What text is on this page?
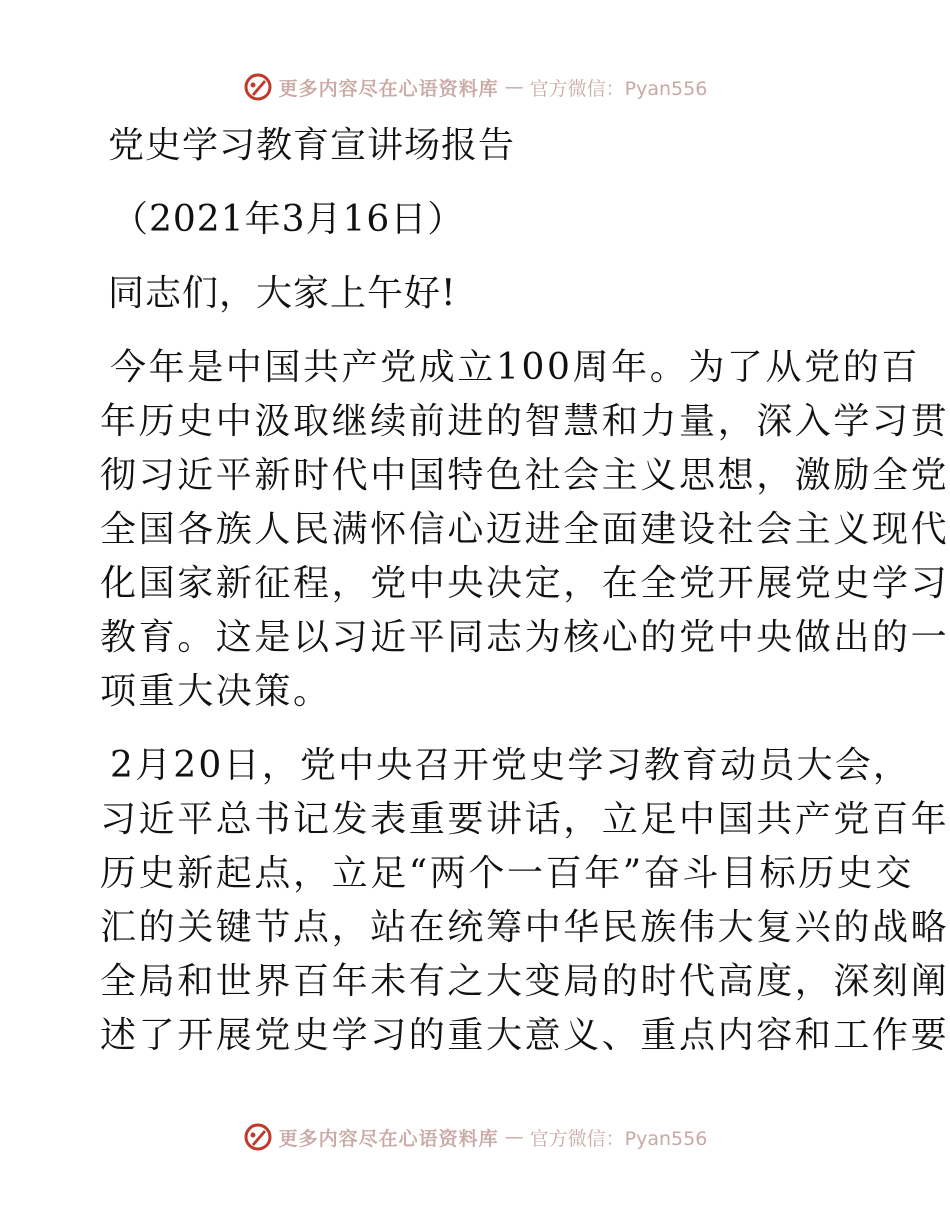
更多内容尽在心语资料库 — 官方微信：Pyan556
党史学习教育宣讲场报告
（2021年3月16日）
同志们，大家上午好!
今年是中国共产党成立100周年。为了从党的百
年历史中汲取继续前进的智慧和力量，深入学习贯
彻习近平新时代中国特色社会主义思想，激励全党
全国各族人民满怀信心迈进全面建设社会主义现代
化国家新征程，党中央决定，在全党开展党史学习
教育。这是以习近平同志为核心的党中央做出的一
项重大决策。
2月20日，党中央召开党史学习教育动员大会，
习近平总书记发表重要讲话，立足中国共产党百年
历史新起点，立足“两个一百年”奋斗目标历史交
汇的关键节点，站在统筹中华民族伟大复兴的战略
全局和世界百年未有之大变局的时代高度，深刻阐
述了开展党史学习的重大意义、重点内容和工作要
更多内容尽在心语资料库 — 官方微信：Pyan556
